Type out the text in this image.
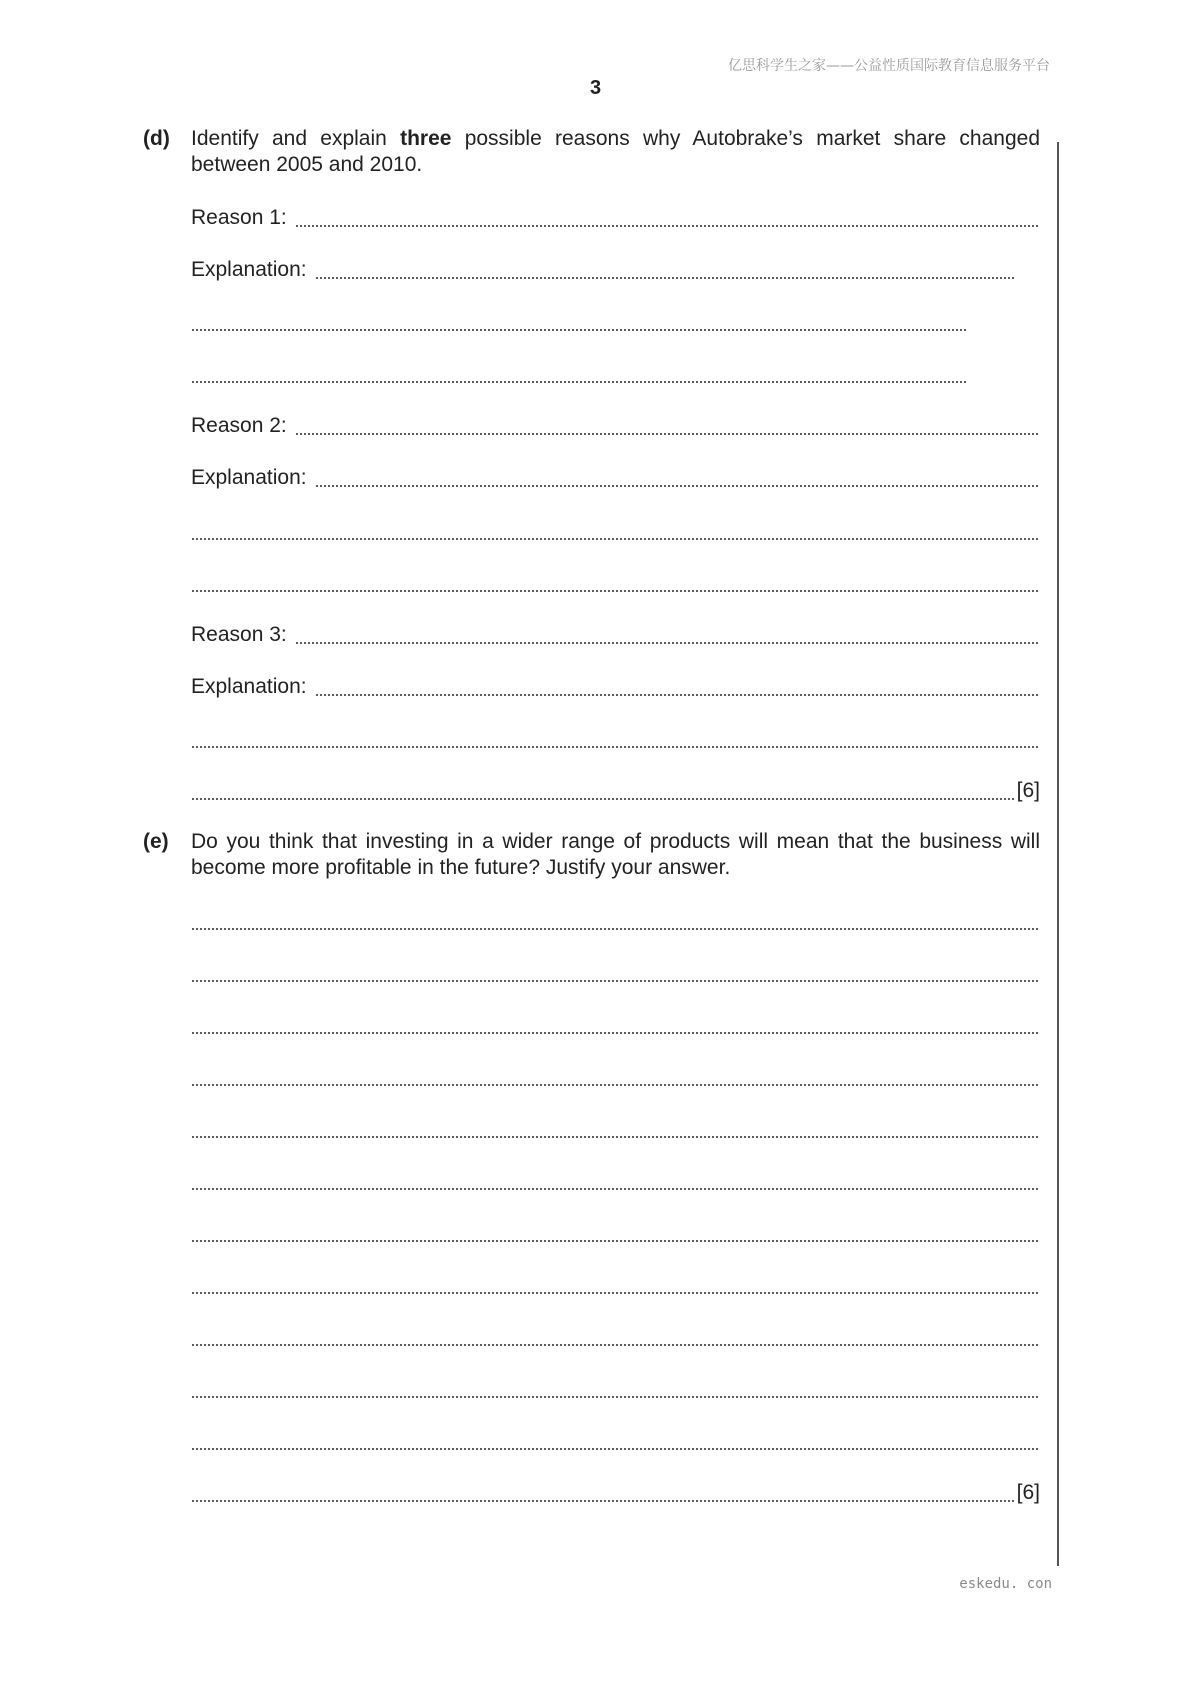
亿思科学生之家——公益性质国际教育信息服务平台
3
(d) Identify and explain three possible reasons why Autobrake’s market share changed between 2005 and 2010.
Reason 1:
Explanation:
Reason 2:
Explanation:
Reason 3:
Explanation:
[6]
(e) Do you think that investing in a wider range of products will mean that the business will become more profitable in the future? Justify your answer.
[6]
eskedu. con
